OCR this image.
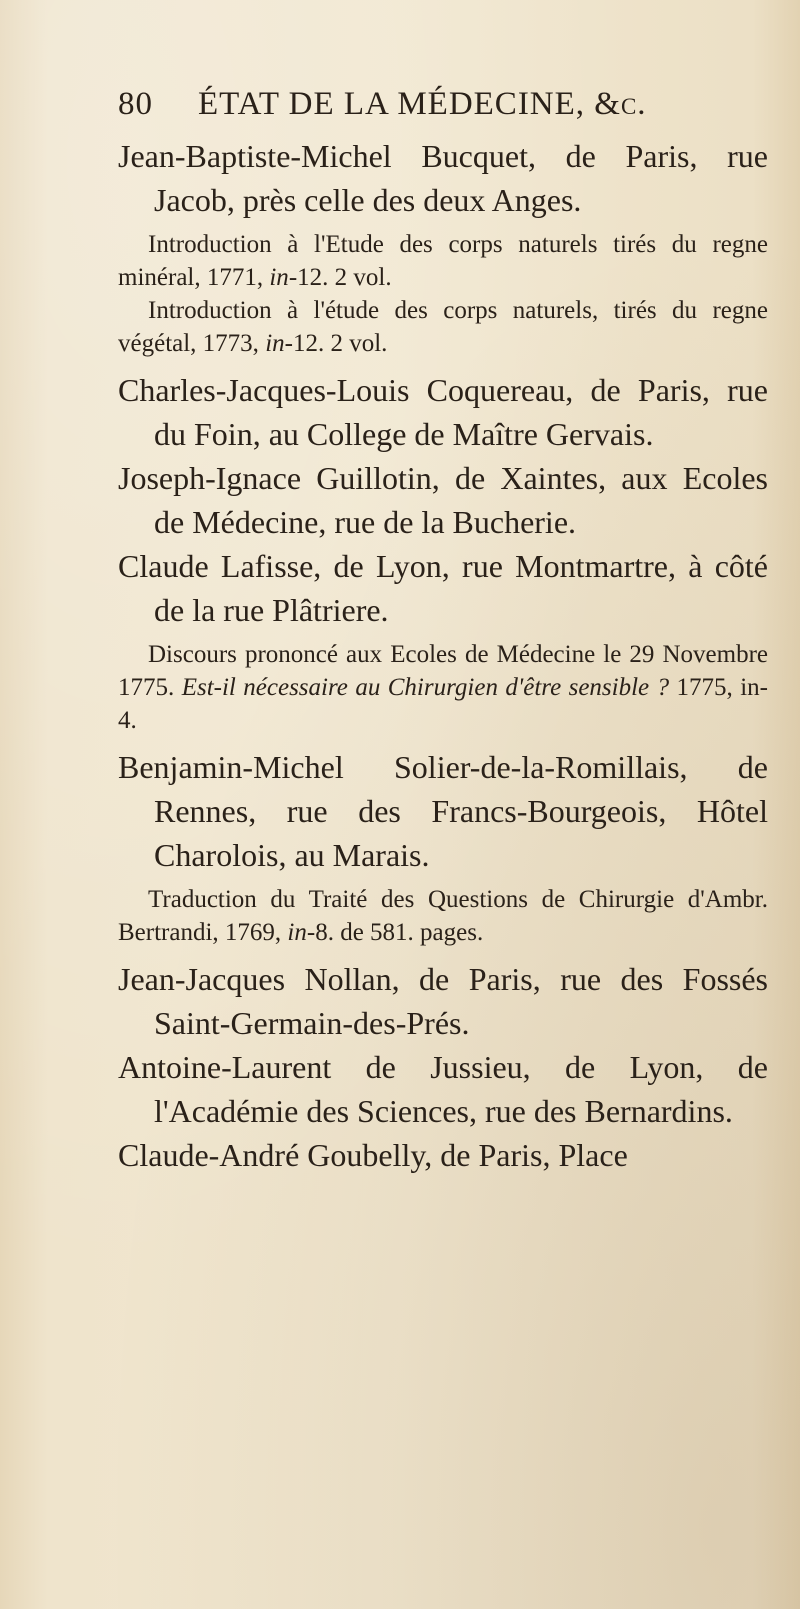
80	ÉTAT DE LA MÉDECINE, &c.

Jean-Baptiste-Michel Bucquet, de Paris, rue Jacob, près celle des deux Anges.

Introduction à l'Etude des corps naturels tirés du regne minéral, 1771, in-12. 2 vol.

Introduction à l'étude des corps naturels, tirés du regne végétal, 1773, in-12. 2 vol.

Charles-Jacques-Louis Coquereau, de Paris, rue du Foin, au College de Maître Gervais.

Joseph-Ignace Guillotin, de Xaintes, aux Ecoles de Médecine, rue de la Bucherie.

Claude Lafisse, de Lyon, rue Montmartre, à côté de la rue Plâtriere.

Discours prononcé aux Ecoles de Médecine le 29 Novembre 1775. Est-il nécessaire au Chirurgien d'être sensible ? 1775, in-4.

Benjamin-Michel Solier-de-la-Romillais, de Rennes, rue des Francs-Bourgeois, Hôtel Charolois, au Marais.

Traduction du Traité des Questions de Chirurgie d'Ambr. Bertrandi, 1769, in-8. de 581. pages.

Jean-Jacques Nollan, de Paris, rue des Fossés Saint-Germain-des-Prés.

Antoine-Laurent de Jussieu, de Lyon, de l'Académie des Sciences, rue des Bernardins.

Claude-André Goubelly, de Paris, Place
